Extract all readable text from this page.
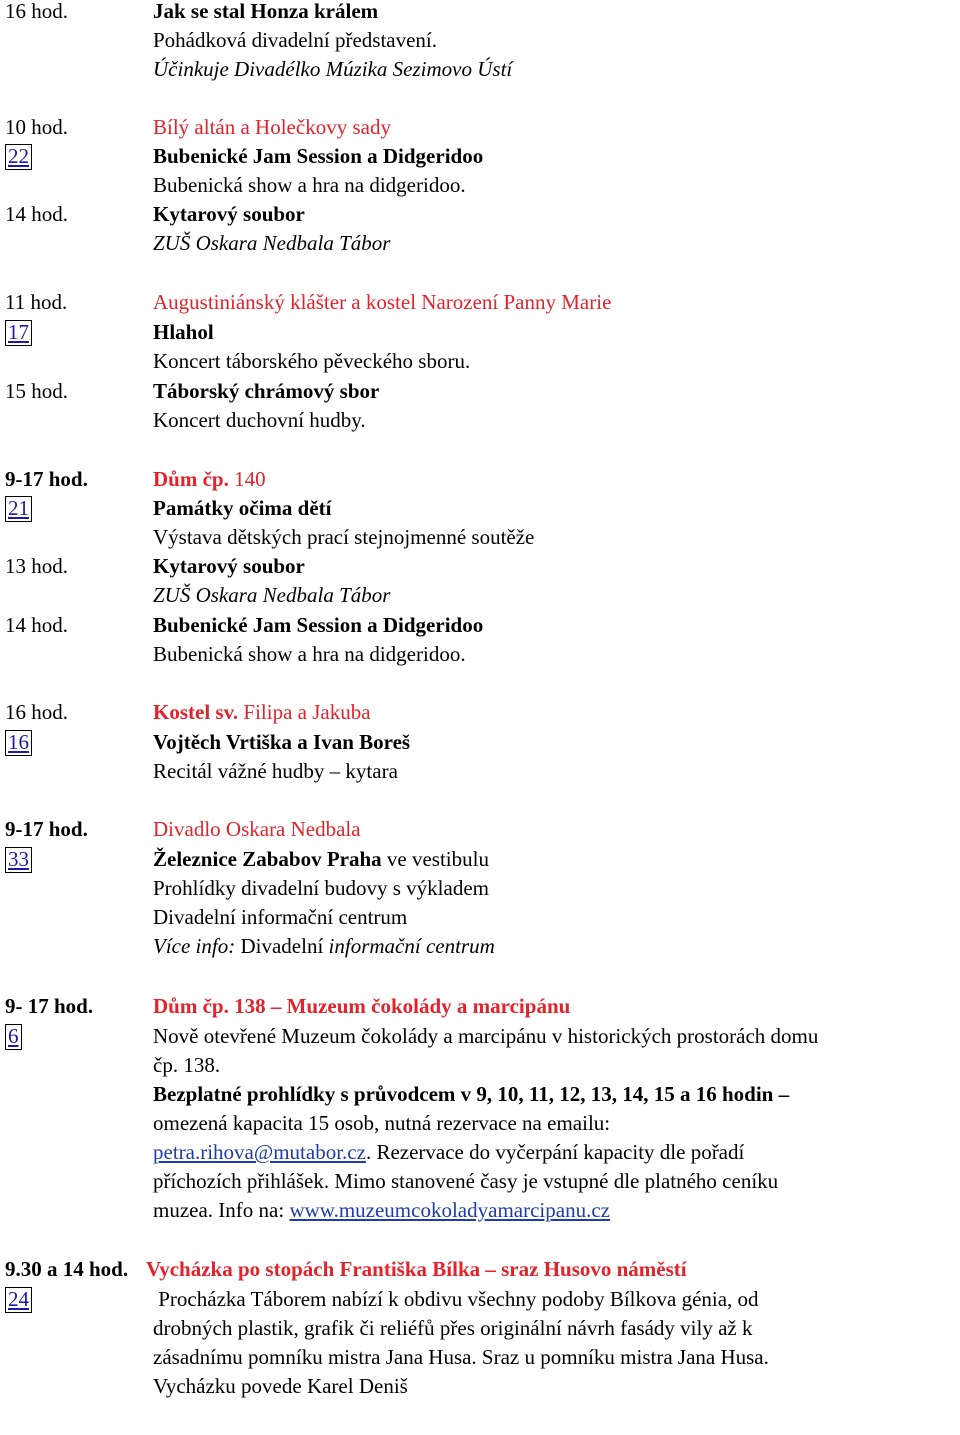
16 hod.	Jak se stal Honza králem
Pohádková divadelní představení.
Účinkuje Divadélko Múzika Sezimovo Ústí
10 hod.	Bílý altán a Holečkovy sady
22	Bubenické Jam Session a Didgeridoo
Bubenická show a hra na didgeridoo.
14 hod.	Kytarový soubor
ZUŠ Oskara Nedbala Tábor
11 hod.	Augustiniánský klášter a kostel Narození Panny Marie
17	Hlahol
Koncert táborského pěveckého sboru.
15 hod.	Táborský chrámový sbor
Koncert duchovní hudby.
9-17 hod.	Dům čp. 140
21	Památky očima dětí
Výstava dětských prací stejnojmenné soutěže
13 hod.	Kytarový soubor
ZUŠ Oskara Nedbala Tábor
14 hod.	Bubenické Jam Session a Didgeridoo
Bubenická show a hra na didgeridoo.
16 hod.	Kostel sv. Filipa a Jakuba
16	Vojtěch Vrtiška a Ivan Boreš
Recitál vážné hudby – kytara
9-17 hod.	Divadlo Oskara Nedbala
33	Železnice Zababov Praha ve vestibulu
Prohlídky divadelní budovy s výkladem
Divadelní informační centrum
Více info: Divadelní informační centrum
9- 17 hod.	Dům čp. 138 – Muzeum čokolády a marcipánu
6	Nově otevřené Muzeum čokolády a marcipánu v historických prostorách domu
čp. 138.
Bezplatné prohlídky s průvodcem v 9, 10, 11, 12, 13, 14, 15 a 16 hodin –
omezená kapacita 15 osob, nutná rezervace na emailu:
petra.rihova@mutabor.cz. Rezervace do vyčerpání kapacity dle pořadí
příchozích přihlášek. Mimo stanovené časy je vstupné dle platného ceníku
muzea. Info na: www.muzeumcokoladyamarcipanu.cz
9.30 a 14 hod. Vycházka po stopách Františka Bílka – sraz Husovo náměstí
24	Procházka Táborem nabízí k obdivu všechny podoby Bílkova génia, od
drobných plastik, grafik či reliéfů přes originální návrh fasády vily až k
zásadnímu pomníku mistra Jana Husa. Sraz u pomníku mistra Jana Husa.
Vycházku povede Karel Deniš
